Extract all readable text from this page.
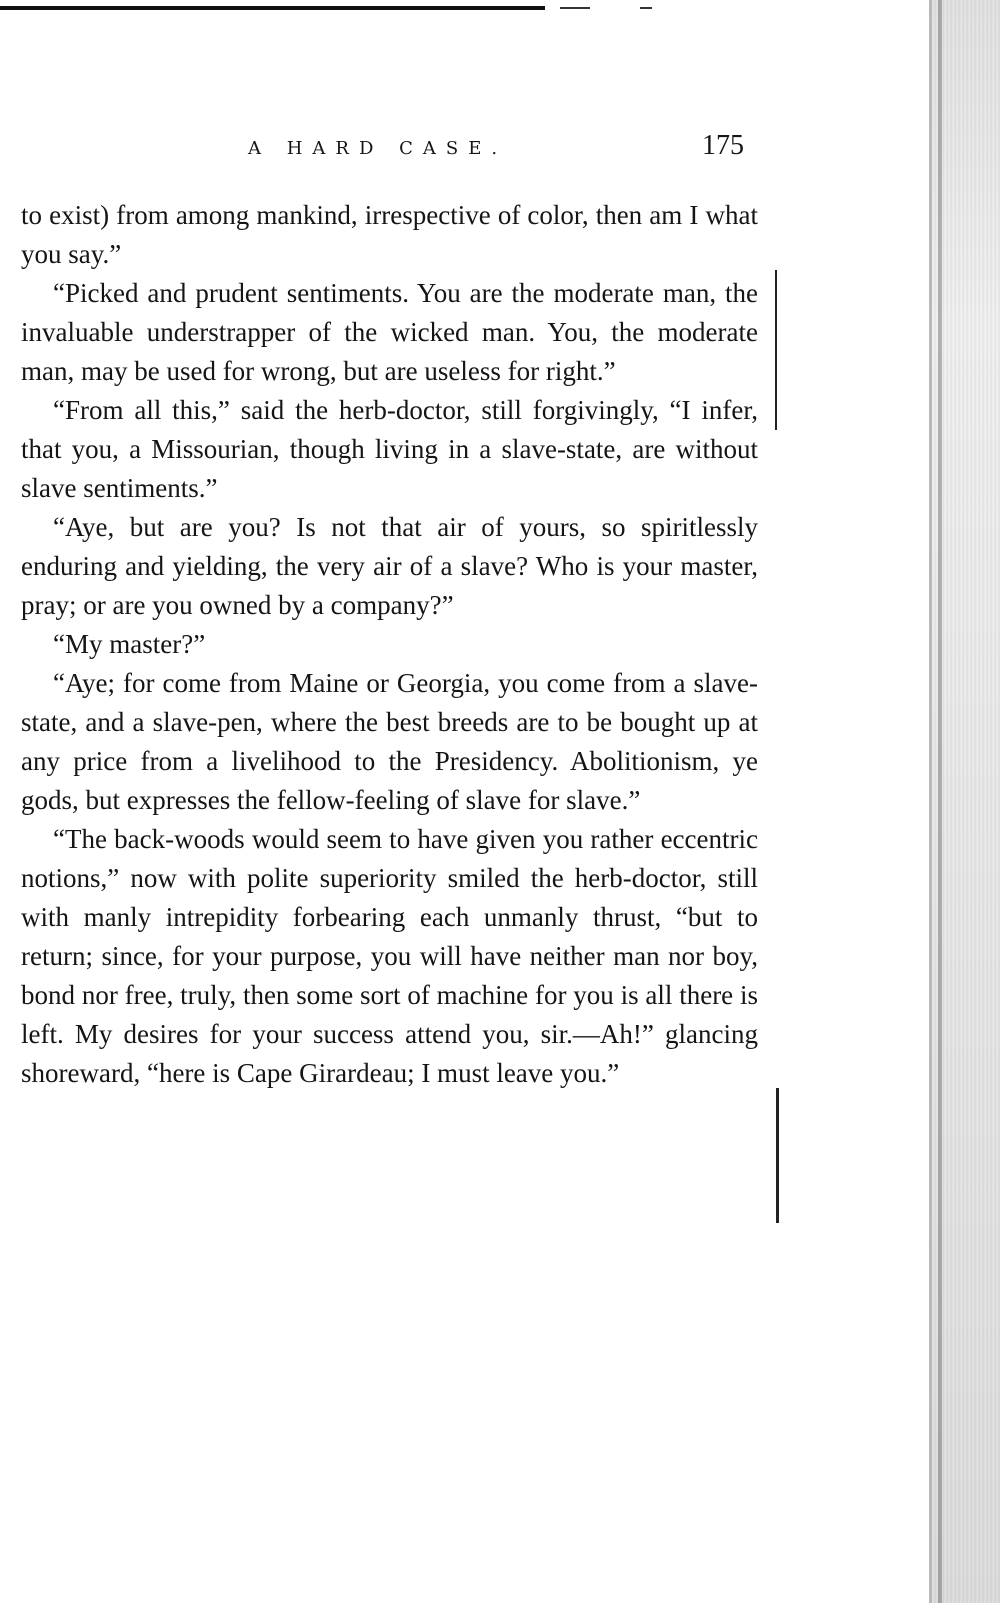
A HARD CASE.	175

to exist) from among mankind, irrespective of color, then am I what you say.”

“Picked and prudent sentiments. You are the moderate man, the invaluable understrapper of the wicked man. You, the moderate man, may be used for wrong, but are useless for right.”

“From all this,” said the herb-doctor, still forgivingly, “I infer, that you, a Missourian, though living in a slave-state, are without slave sentiments.”

“Aye, but are you? Is not that air of yours, so spiritlessly enduring and yielding, the very air of a slave? Who is your master, pray; or are you owned by a company?”

“My master?”

“Aye; for come from Maine or Georgia, you come from a slave-state, and a slave-pen, where the best breeds are to be bought up at any price from a livelihood to the Presidency. Abolitionism, ye gods, but expresses the fellow-feeling of slave for slave.”

“The back-woods would seem to have given you rather eccentric notions,” now with polite superiority smiled the herb-doctor, still with manly intrepidity forbearing each unmanly thrust, “but to return; since, for your purpose, you will have neither man nor boy, bond nor free, truly, then some sort of machine for you is all there is left. My desires for your success attend you, sir.—Ah!” glancing shoreward, “here is Cape Girardeau; I must leave you.”
